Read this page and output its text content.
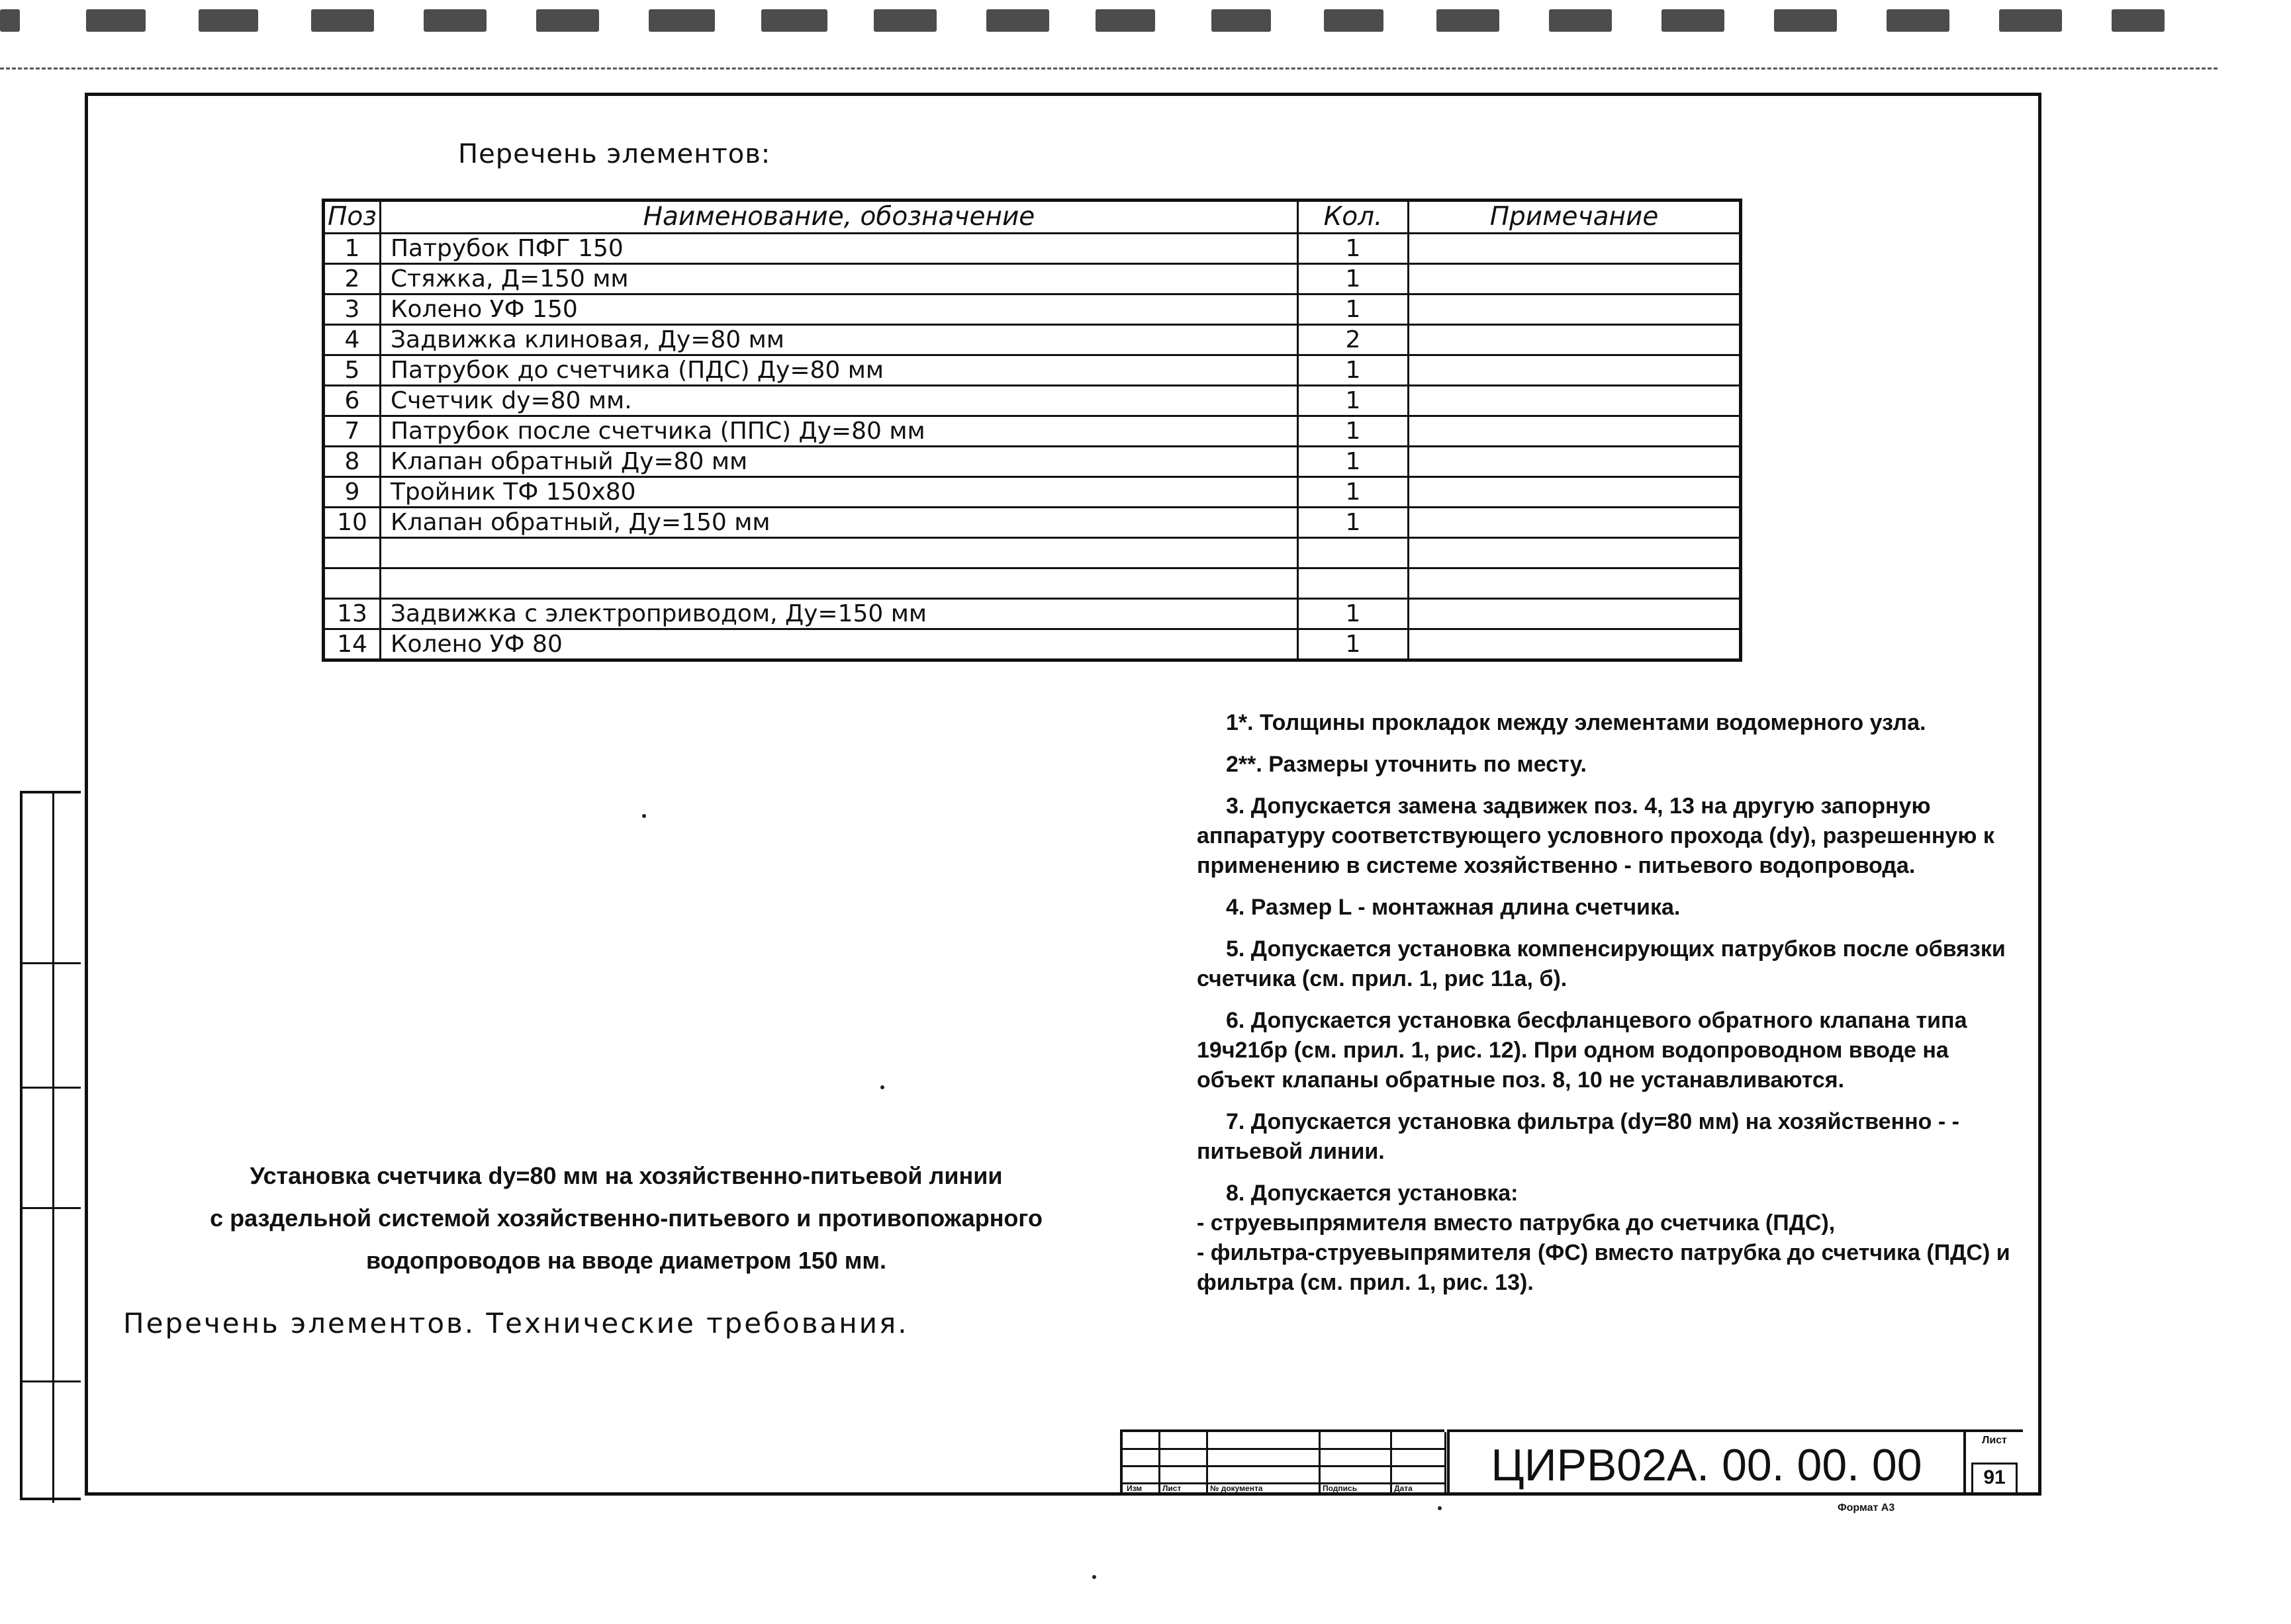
Перечень элементов:
Поз	Наименование, обозначение	Кол.	Примечание
1	Патрубок ПФГ 150	1	
2	Стяжка, Д=150 мм	1	
3	Колено УФ 150	1	
4	Задвижка клиновая, Ду=80 мм	2	
5	Патрубок до счетчика (ПДС) Ду=80 мм	1	
6	Счетчик dy=80 мм.	1	
7	Патрубок после счетчика (ППС) Ду=80 мм	1	
8	Клапан обратный Ду=80 мм	1	
9	Тройник ТФ 150х80	1	
10	Клапан обратный, Ду=150 мм	1	

13	Задвижка с электроприводом, Ду=150 мм	1	
14	Колено УФ 80	1	

1*. Толщины прокладок между элементами водомерного узла.

2**. Размеры уточнить по месту.

3. Допускается замена задвижек поз. 4, 13 на другую запорную аппаратуру соответствующего условного прохода (dy), разрешенную к применению в системе хозяйственно - питьевого водопровода.

4. Размер L - монтажная длина счетчика.

5. Допускается установка компенсирующих патрубков после обвязки счетчика (см. прил. 1, рис 11а, б).

6. Допускается установка бесфланцевого обратного клапана типа 19ч21бр (см. прил. 1, рис. 12). При одном водопроводном вводе на объект клапаны обратные поз. 8, 10 не устанавливаются.

7. Допускается установка фильтра (dy=80 мм) на хозяйственно - - питьевой линии.

8. Допускается установка:

- струевыпрямителя вместо патрубка до счетчика (ПДС),

- фильтра-струевыпрямителя (ФС) вместо патрубка до счетчика (ПДС) и фильтра (см. прил. 1, рис. 13).

Установка счетчика dy=80 мм на хозяйственно-питьевой линии
с раздельной системой хозяйственно-питьевого и противопожарного
водопроводов на вводе диаметром 150 мм.
Перечень элементов. Технические требования.
Изм	Лист	№ документа	Подпись	Дата	ЦИРВ02А. 00. 00. 00	Лист
91
Формат А3
